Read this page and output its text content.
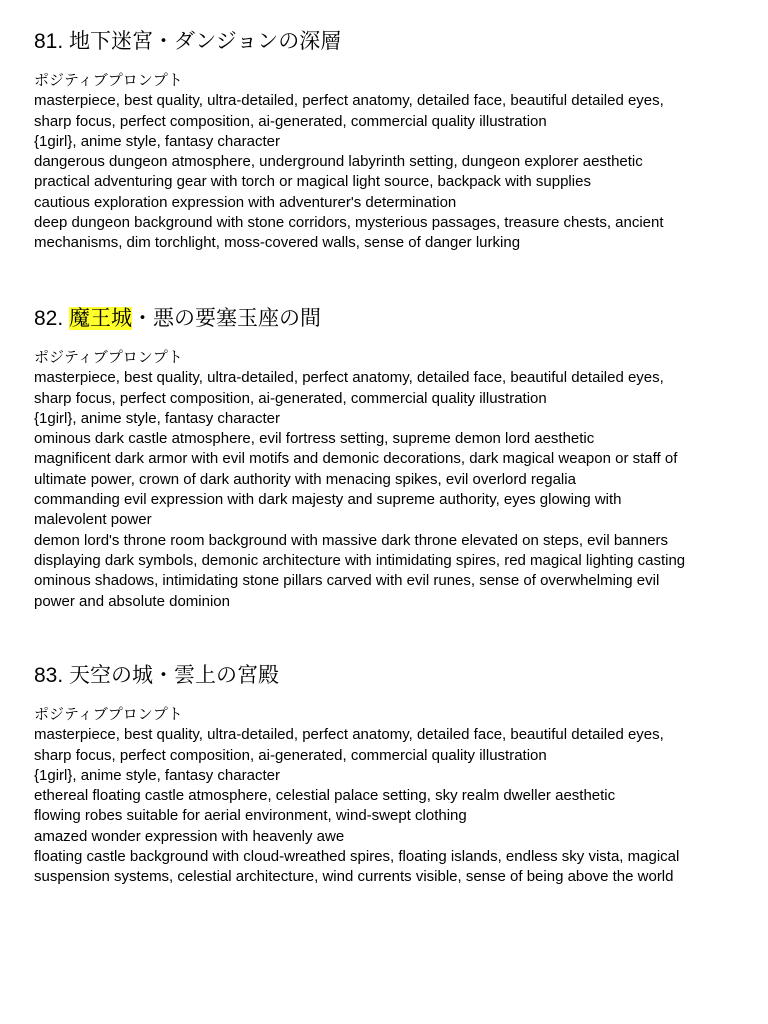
81. 地下迷宮・ダンジョンの深層
ポジティブプロンプト
masterpiece, best quality, ultra-detailed, perfect anatomy, detailed face, beautiful detailed eyes,
sharp focus, perfect composition, ai-generated, commercial quality illustration
{1girl}, anime style, fantasy character
dangerous dungeon atmosphere, underground labyrinth setting, dungeon explorer aesthetic
practical adventuring gear with torch or magical light source, backpack with supplies
cautious exploration expression with adventurer's determination
deep dungeon background with stone corridors, mysterious passages, treasure chests, ancient
mechanisms, dim torchlight, moss-covered walls, sense of danger lurking
82. 魔王城・悪の要塞玉座の間
ポジティブプロンプト
masterpiece, best quality, ultra-detailed, perfect anatomy, detailed face, beautiful detailed eyes,
sharp focus, perfect composition, ai-generated, commercial quality illustration
{1girl}, anime style, fantasy character
ominous dark castle atmosphere, evil fortress setting, supreme demon lord aesthetic
magnificent dark armor with evil motifs and demonic decorations, dark magical weapon or staff of
ultimate power, crown of dark authority with menacing spikes, evil overlord regalia
commanding evil expression with dark majesty and supreme authority, eyes glowing with
malevolent power
demon lord's throne room background with massive dark throne elevated on steps, evil banners
displaying dark symbols, demonic architecture with intimidating spires, red magical lighting casting
ominous shadows, intimidating stone pillars carved with evil runes, sense of overwhelming evil
power and absolute dominion
83. 天空の城・雲上の宮殿
ポジティブプロンプト
masterpiece, best quality, ultra-detailed, perfect anatomy, detailed face, beautiful detailed eyes,
sharp focus, perfect composition, ai-generated, commercial quality illustration
{1girl}, anime style, fantasy character
ethereal floating castle atmosphere, celestial palace setting, sky realm dweller aesthetic
flowing robes suitable for aerial environment, wind-swept clothing
amazed wonder expression with heavenly awe
floating castle background with cloud-wreathed spires, floating islands, endless sky vista, magical
suspension systems, celestial architecture, wind currents visible, sense of being above the world
